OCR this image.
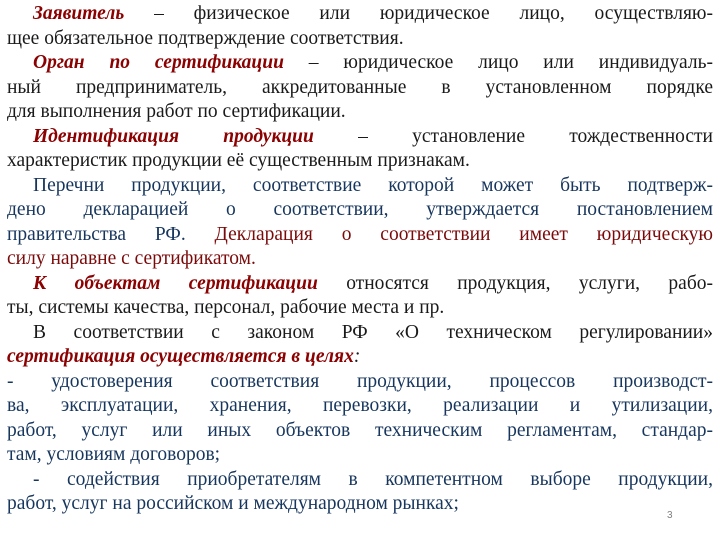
Заявитель – физическое или юридическое лицо, осуществляю-
щее обязательное подтверждение соответствия.
Орган по сертификации – юридическое лицо или индивидуаль-
ный предприниматель, аккредитованные в установленном порядке
для выполнения работ по сертификации.
Идентификация продукции – установление тождественности
характеристик продукции её существенным признакам.
Перечни продукции, соответствие которой может быть подтверж-
дено декларацией о соответствии, утверждается постановлением
правительства РФ. Декларация о соответствии имеет юридическую
силу наравне с сертификатом.
К объектам сертификации относятся продукция, услуги, рабо-
ты, системы качества, персонал, рабочие места и пр.
В соответствии с законом РФ «О техническом регулировании»
сертификация осуществляется в целях:
- удостоверения соответствия продукции, процессов производст-
ва, эксплуатации, хранения, перевозки, реализации и утилизации,
работ, услуг или иных объектов техническим регламентам, стандар-
там, условиям договоров;
- содействия приобретателям в компетентном выборе продукции,
работ, услуг на российском и международном рынках;
3
